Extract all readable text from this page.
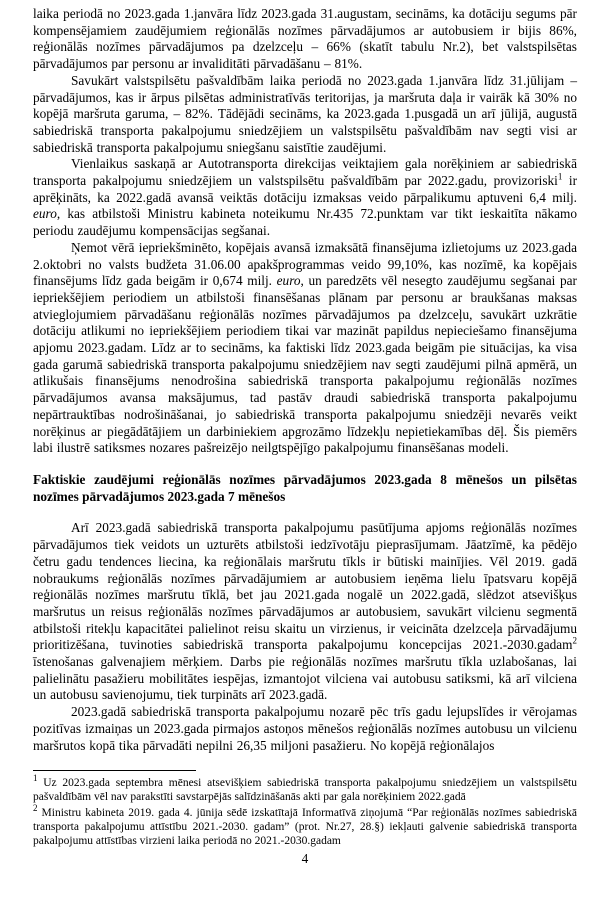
laika periodā no 2023.gada 1.janvāra līdz 2023.gada 31.augustam, secināms, ka dotāciju segums pār kompensējamiem zaudējumiem reģionālās nozīmes pārvadājumos ar autobusiem ir bijis 86%, reģionālās nozīmes pārvadājumos pa dzelzceļu – 66% (skatīt tabulu Nr.2), bet valstspilsētas pārvadājumos par personu ar invaliditāti pārvadāšanu – 81%.

Savukārt valstspilsētu pašvaldībām laika periodā no 2023.gada 1.janvāra līdz 31.jūlijam – pārvadājumos, kas ir ārpus pilsētas administratīvās teritorijas, ja maršruta daļa ir vairāk kā 30% no kopējā maršruta garuma, – 82%. Tādējādi secināms, ka 2023.gada 1.pusgadā un arī jūlijā, augustā sabiedriskā transporta pakalpojumu sniedzējiem un valstspilsētu pašvaldībām nav segti visi ar sabiedriskā transporta pakalpojumu sniegšanu saistītie zaudējumi.

Vienlaikus saskaņā ar Autotransporta direkcijas veiktajiem gala norēķiniem ar sabiedriskā transporta pakalpojumu sniedzējiem un valstspilsētu pašvaldībām par 2022.gadu, provizoriski$^1$ ir aprēķināts, ka 2022.gadā avansā veiktās dotāciju izmaksas veido pārpalikumu aptuveni 6,4 milj. euro, kas atbilstoši Ministru kabineta noteikumu Nr.435 72.punktam var tikt ieskaitīta nākamo periodu zaudējumu kompensācijas segšanai.

Ņemot vērā iepriekšminēto, kopējais avansā izmaksātā finansējuma izlietojums uz 2023.gada 2.oktobri no valsts budžeta 31.06.00 apakšprogrammas veido 99,10%, kas nozīmē, ka kopējais finansējums līdz gada beigām ir 0,674 milj. euro, un paredzēts vēl nesegto zaudējumu segšanai par iepriekšējiem periodiem un atbilstoši finansēšanas plānam par personu ar braukšanas maksas atvieglojumiem pārvadāšanu reģionālās nozīmes pārvadājumos pa dzelzceļu, savukārt uzkrātie dotāciju atlikumi no iepriekšējiem periodiem tikai var mazināt papildus nepieciešamo finansējuma apjomu 2023.gadam. Līdz ar to secināms, ka faktiski līdz 2023.gada beigām pie situācijas, ka visa gada garumā sabiedriskā transporta pakalpojumu sniedzējiem nav segti zaudējumi pilnā apmērā, un atlikušais finansējums nenodrošina sabiedriskā transporta pakalpojumu reģionālās nozīmes pārvadājumos avansa maksājumus, tad pastāv draudi sabiedriskā transporta pakalpojumu nepārtrauktības nodrošināšanai, jo sabiedriskā transporta pakalpojumu sniedzēji nevarēs veikt norēķinus ar piegādātājiem un darbiniekiem apgrozāmo līdzekļu nepietiekamības dēļ. Šis piemērs labi ilustrē satiksmes nozares pašreizējo neilgtspējīgo pakalpojumu finansēšanas modeli.

Faktiskie zaudējumi reģionālās nozīmes pārvadājumos 2023.gada 8 mēnešos un pilsētas nozīmes pārvadājumos 2023.gada 7 mēnešos

Arī 2023.gadā sabiedriskā transporta pakalpojumu pasūtījuma apjoms reģionālās nozīmes pārvadājumos tiek veidots un uzturēts atbilstoši iedzīvotāju pieprasījumam. Jāatzīmē, ka pēdējo četru gadu tendences liecina, ka reģionālais maršrutu tīkls ir būtiski mainījies. Vēl 2019. gadā nobraukums reģionālās nozīmes pārvadājumiem ar autobusiem ieņēma lielu īpatsvaru kopējā reģionālās nozīmes maršrutu tīklā, bet jau 2021.gada nogalē un 2022.gadā, slēdzot atsevišķus maršrutus un reisus reģionālās nozīmes pārvadājumos ar autobusiem, savukārt vilcienu segmentā atbilstoši ritekļu kapacitātei palielinot reisu skaitu un virzienus, ir veicināta dzelzceļa pārvadājumu prioritizēšana, tuvinoties sabiedriskā transporta pakalpojumu koncepcijas 2021.-2030.gadam$^2$ īstenošanas galvenajiem mērķiem. Darbs pie reģionālās nozīmes maršrutu tīkla uzlabošanas, lai palielinātu pasažieru mobilitātes iespējas, izmantojot vilciena vai autobusu satiksmi, kā arī vilciena un autobusu savienojumu, tiek turpināts arī 2023.gadā.

2023.gadā sabiedriskā transporta pakalpojumu nozarē pēc trīs gadu lejupslīdes ir vērojamas pozitīvas izmaiņas un 2023.gada pirmajos astoņos mēnešos reģionālās nozīmes autobusu un vilcienu maršrutos kopā tika pārvadāti nepilni 26,35 miljoni pasažieru. No kopējā reģionālajos

$^1$ Uz 2023.gada septembra mēnesi atsevišķiem sabiedriskā transporta pakalpojumu sniedzējiem un valstspilsētu pašvaldībām vēl nav parakstīti savstarpējās salīdzināšanās akti par gala norēķiniem 2022.gadā

$^2$ Ministru kabineta 2019. gada 4. jūnija sēdē izskatītajā Informatīvā ziņojumā “Par reģionālās nozīmes sabiedriskā transporta pakalpojumu attīstību 2021.-2030. gadam” (prot. Nr.27, 28.§) iekļauti galvenie sabiedriskā transporta pakalpojumu attīstības virzieni laika periodā no 2021.-2030.gadam

4
